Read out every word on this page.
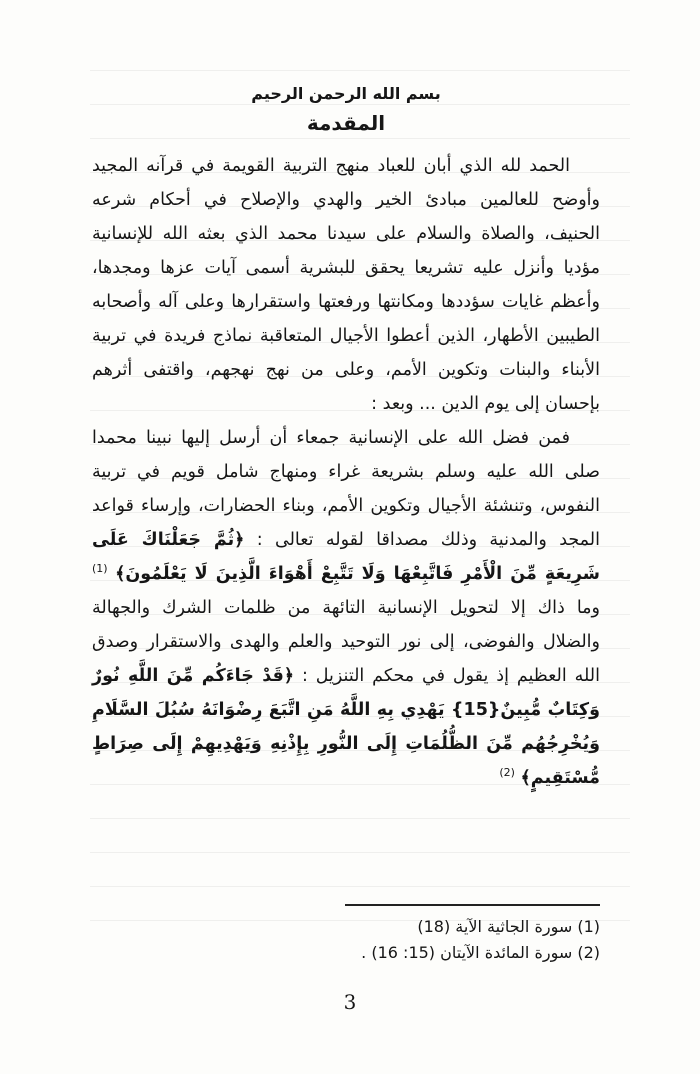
بسم الله الرحمن الرحيم
المقدمة

الحمد لله الذي أبان للعباد منهج التربية القويمة في قرآنه المجيد وأوضح للعالمين مبادئ الخير والهدي والإصلاح في أحكام شرعه الحنيف، والصلاة والسلام على سيدنا محمد الذي بعثه الله للإنسانية مؤديا وأنزل عليه تشريعا يحقق للبشرية أسمى آيات عزها ومجدها، وأعظم غايات سؤددها ومكانتها ورفعتها واستقرارها وعلى آله وأصحابه الطيبين الأطهار، الذين أعطوا الأجيال المتعاقبة نماذج فريدة في تربية الأبناء والبنات وتكوين الأمم، وعلى من نهج نهجهم، واقتفى أثرهم بإحسان إلى يوم الدين ... وبعد :

فمن فضل الله على الإنسانية جمعاء أن أرسل إليها نبينا محمدا صلى الله عليه وسلم بشريعة غراء ومنهاج شامل قويم في تربية النفوس، وتنشئة الأجيال وتكوين الأمم، وبناء الحضارات، وإرساء قواعد المجد والمدنية وذلك مصداقا لقوله تعالى : ﴿ثُمَّ جَعَلْنَاكَ عَلَى شَرِيعَةٍ مِّنَ الْأَمْرِ فَاتَّبِعْهَا وَلَا تَتَّبِعْ أَهْوَاءَ الَّذِينَ لَا يَعْلَمُونَ﴾ $^{(1)}$ وما ذاك إلا لتحويل الإنسانية التائهة من ظلمات الشرك والجهالة والضلال والفوضى، إلى نور التوحيد والعلم والهدى والاستقرار وصدق الله العظيم إذ يقول في محكم التنزيل : ﴿قَدْ جَاءَكُم مِّنَ اللَّهِ نُورٌ وَكِتَابٌ مُّبِينٌ{15} يَهْدِي بِهِ اللَّهُ مَنِ اتَّبَعَ رِضْوَانَهُ سُبُلَ السَّلَامِ وَيُخْرِجُهُم مِّنَ الظُّلُمَاتِ إِلَى النُّورِ بِإِذْنِهِ وَيَهْدِيهِمْ إِلَى صِرَاطٍ مُّسْتَقِيمٍ﴾ $^{(2)}$

(1) سورة الجاثية الآية (18)
(2) سورة المائدة الآيتان (15: 16) .
3
